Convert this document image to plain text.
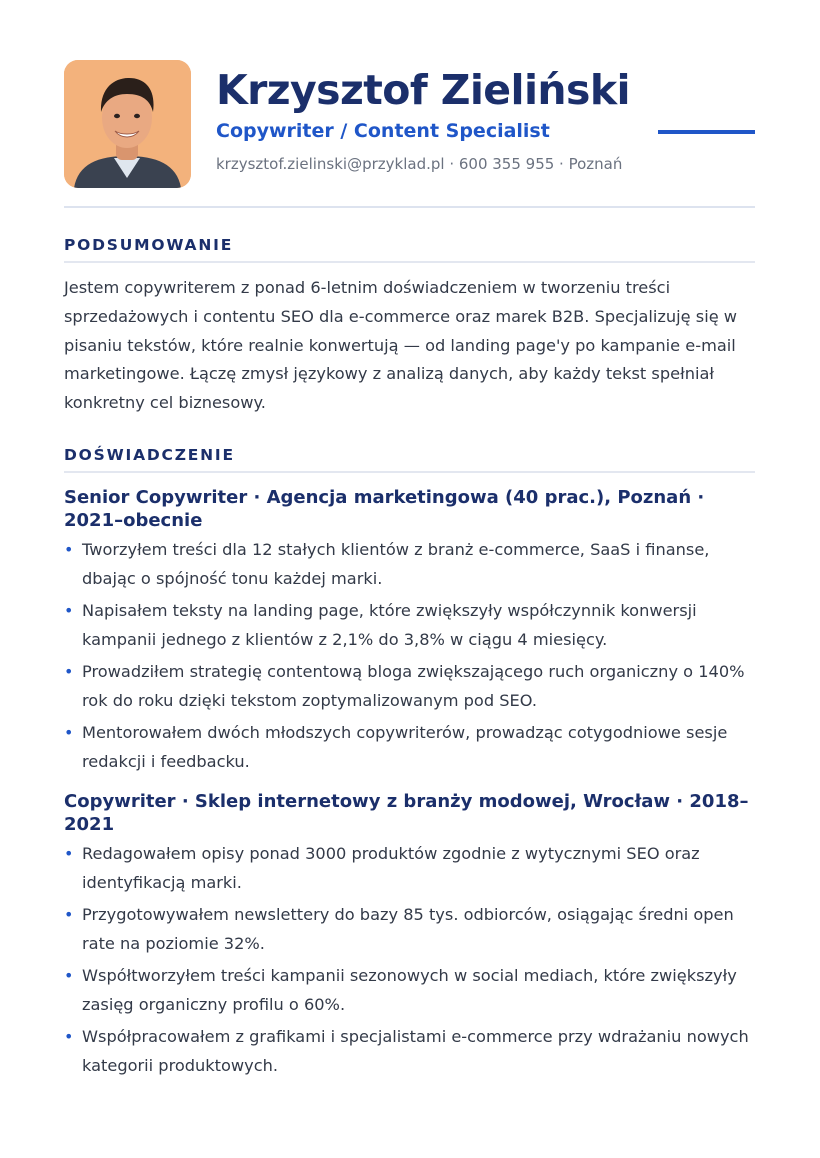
Krzysztof Zieliński
Copywriter / Content Specialist
krzysztof.zielinski@przyklad.pl · 600 355 955 · Poznań
PODSUMOWANIE

Jestem copywriterem z ponad 6-letnim doświadczeniem w tworzeniu treści sprzedażowych i contentu SEO dla e-commerce oraz marek B2B. Specjalizuję się w pisaniu tekstów, które realnie konwertują — od landing page'y po kampanie e-mail marketingowe. Łączę zmysł językowy z analizą danych, aby każdy tekst spełniał konkretny cel biznesowy.

DOŚWIADCZENIE
Senior Copywriter · Agencja marketingowa (40 prac.), Poznań · 2021–obecnie
• Tworzyłem treści dla 12 stałych klientów z branż e-commerce, SaaS i finanse, dbając o spójność tonu każdej marki.
• Napisałem teksty na landing page, które zwiększyły współczynnik konwersji kampanii jednego z klientów z 2,1% do 3,8% w ciągu 4 miesięcy.
• Prowadziłem strategię contentową bloga zwiększającego ruch organiczny o 140% rok do roku dzięki tekstom zoptymalizowanym pod SEO.
• Mentorowałem dwóch młodszych copywriterów, prowadząc cotygodniowe sesje redakcji i feedbacku.
Copywriter · Sklep internetowy z branży modowej, Wrocław · 2018–2021
• Redagowałem opisy ponad 3000 produktów zgodnie z wytycznymi SEO oraz identyfikacją marki.
• Przygotowywałem newslettery do bazy 85 tys. odbiorców, osiągając średni open rate na poziomie 32%.
• Współtworzyłem treści kampanii sezonowych w social mediach, które zwiększyły zasięg organiczny profilu o 60%.
• Współpracowałem z grafikami i specjalistami e-commerce przy wdrażaniu nowych kategorii produktowych.
